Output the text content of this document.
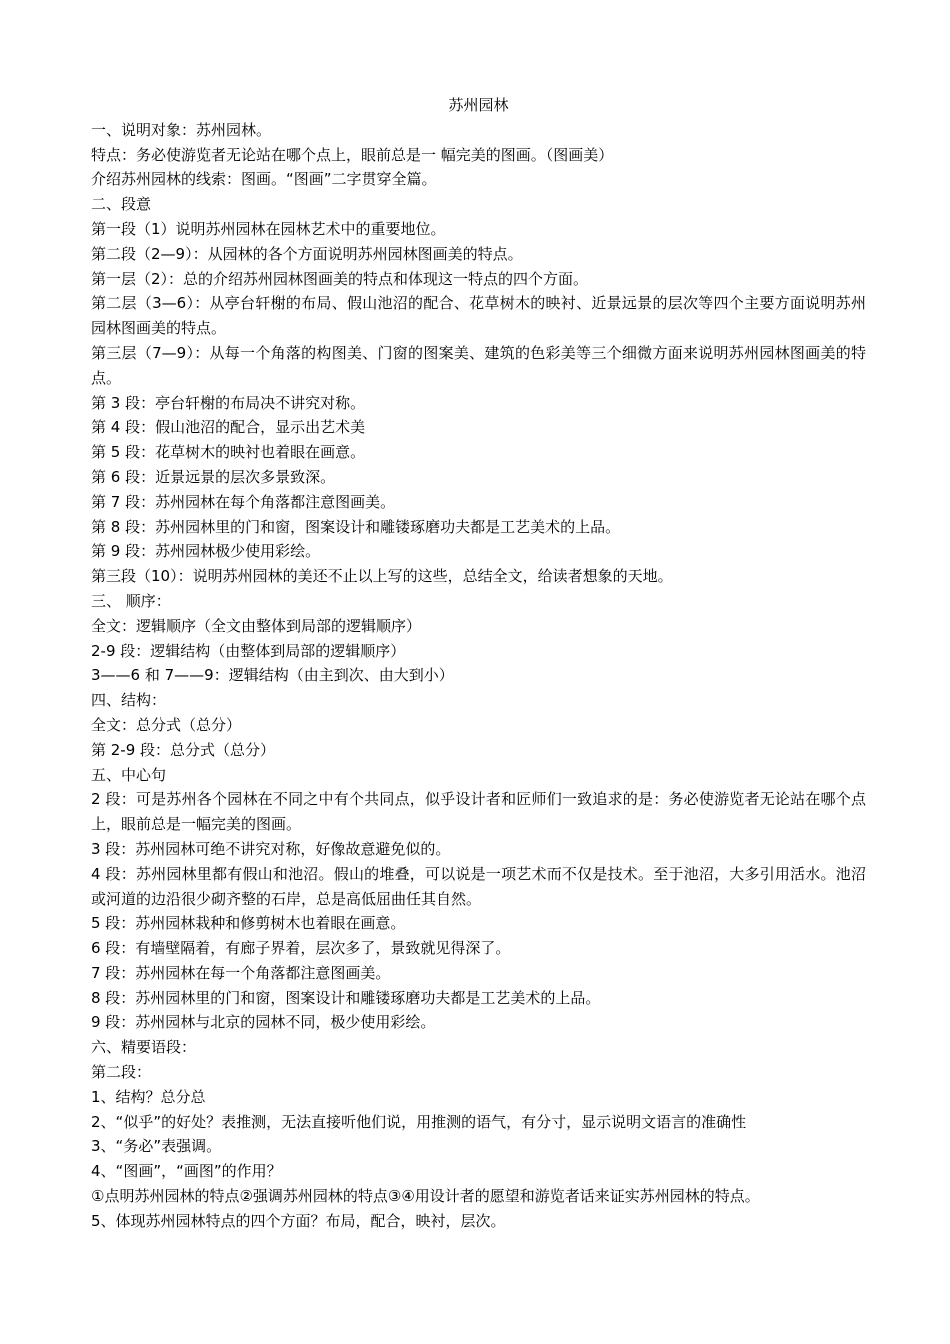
苏州园林
一、说明对象：苏州园林。
特点：务必使游览者无论站在哪个点上，眼前总是一 幅完美的图画。（图画美）
介绍苏州园林的线索：图画。“图画”二字贯穿全篇。
二、段意
第一段（1）说明苏州园林在园林艺术中的重要地位。
第二段（2—9）：从园林的各个方面说明苏州园林图画美的特点。
第一层（2）：总的介绍苏州园林图画美的特点和体现这一特点的四个方面。
第二层（3—6）：从亭台轩榭的布局、假山池沼的配合、花草树木的映衬、近景远景的层次等四个主要方面说明苏州园林图画美的特点。
第三层（7—9）：从每一个角落的构图美、门窗的图案美、建筑的色彩美等三个细微方面来说明苏州园林图画美的特点。
第 3 段：亭台轩榭的布局决不讲究对称。
第 4 段：假山池沼的配合，显示出艺术美
第 5 段：花草树木的映衬也着眼在画意。
第 6 段：近景远景的层次多景致深。
第 7 段：苏州园林在每个角落都注意图画美。
第 8 段：苏州园林里的门和窗，图案设计和雕镂琢磨功夫都是工艺美术的上品。
第 9 段：苏州园林极少使用彩绘。
第三段（10）：说明苏州园林的美还不止以上写的这些，总结全文，给读者想象的天地。
三、 顺序：
全文：逻辑顺序（全文由整体到局部的逻辑顺序）
2-9 段：逻辑结构（由整体到局部的逻辑顺序）
3——6 和 7——9：逻辑结构（由主到次、由大到小）
四、结构：
全文：总分式（总分）
第 2-9 段：总分式（总分）
五、中心句
2 段：可是苏州各个园林在不同之中有个共同点，似乎设计者和匠师们一致追求的是：务必使游览者无论站在哪个点上，眼前总是一幅完美的图画。
3 段：苏州园林可绝不讲究对称，好像故意避免似的。
4 段：苏州园林里都有假山和池沼。假山的堆叠，可以说是一项艺术而不仅是技术。至于池沼，大多引用活水。池沼或河道的边沿很少砌齐整的石岸，总是高低屈曲任其自然。
5 段：苏州园林栽种和修剪树木也着眼在画意。
6 段：有墙壁隔着，有廊子界着，层次多了，景致就见得深了。
7 段：苏州园林在每一个角落都注意图画美。
8 段：苏州园林里的门和窗，图案设计和雕镂琢磨功夫都是工艺美术的上品。
9 段：苏州园林与北京的园林不同，极少使用彩绘。
六、精要语段：
第二段：
1、结构？总分总
2、“似乎”的好处？表推测，无法直接听他们说，用推测的语气，有分寸，显示说明文语言的准确性
3、“务必”表强调。
4、“图画”，“画图”的作用？
①点明苏州园林的特点②强调苏州园林的特点③④用设计者的愿望和游览者话来证实苏州园林的特点。
5、体现苏州园林特点的四个方面？布局，配合，映衬，层次。
